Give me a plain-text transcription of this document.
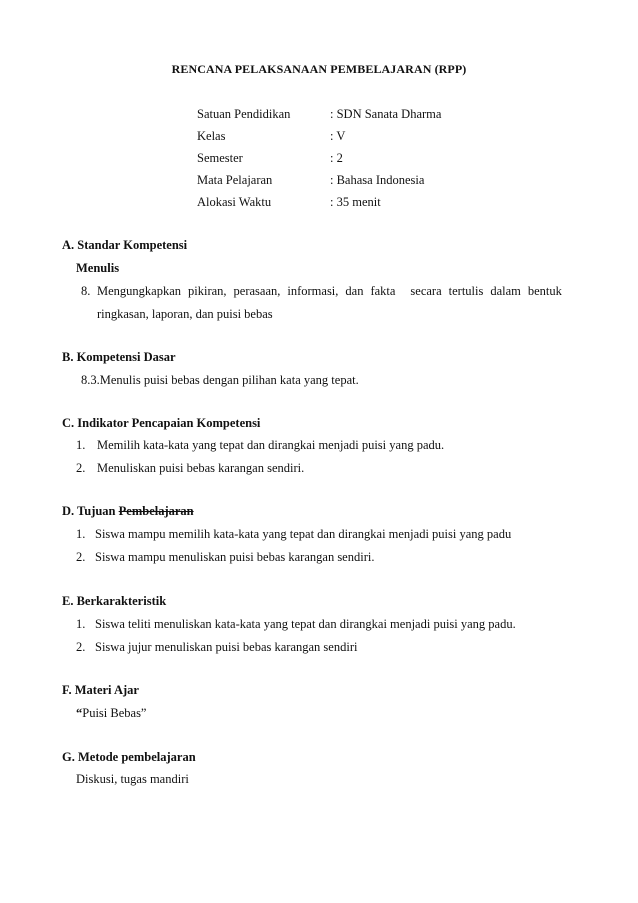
RENCANA PELAKSANAAN PEMBELAJARAN (RPP)
Satuan Pendidikan	: SDN Sanata Dharma
Kelas	: V
Semester	: 2
Mata Pelajaran	: Bahasa Indonesia
Alokasi Waktu	: 35 menit
A. Standar Kompetensi
Menulis
8. Mengungkapkan pikiran, perasaan, informasi, dan fakta secara tertulis dalam bentuk
ringkasan, laporan, dan puisi bebas
B. Kompetensi Dasar
8.3.Menulis puisi bebas dengan pilihan kata yang tepat.
C. Indikator Pencapaian Kompetensi
1. Memilih kata-kata yang tepat dan dirangkai menjadi puisi yang padu.
2. Menuliskan puisi bebas karangan sendiri.
D. Tujuan Pembelajaran
1. Siswa mampu memilih kata-kata yang tepat dan dirangkai menjadi puisi yang padu
2. Siswa mampu menuliskan puisi bebas karangan sendiri.
E. Berkarakteristik
1. Siswa teliti menuliskan kata-kata yang tepat dan dirangkai menjadi puisi yang padu.
2. Siswa jujur menuliskan puisi bebas karangan sendiri
F. Materi Ajar
“Puisi Bebas”
G. Metode pembelajaran
Diskusi, tugas mandiri
